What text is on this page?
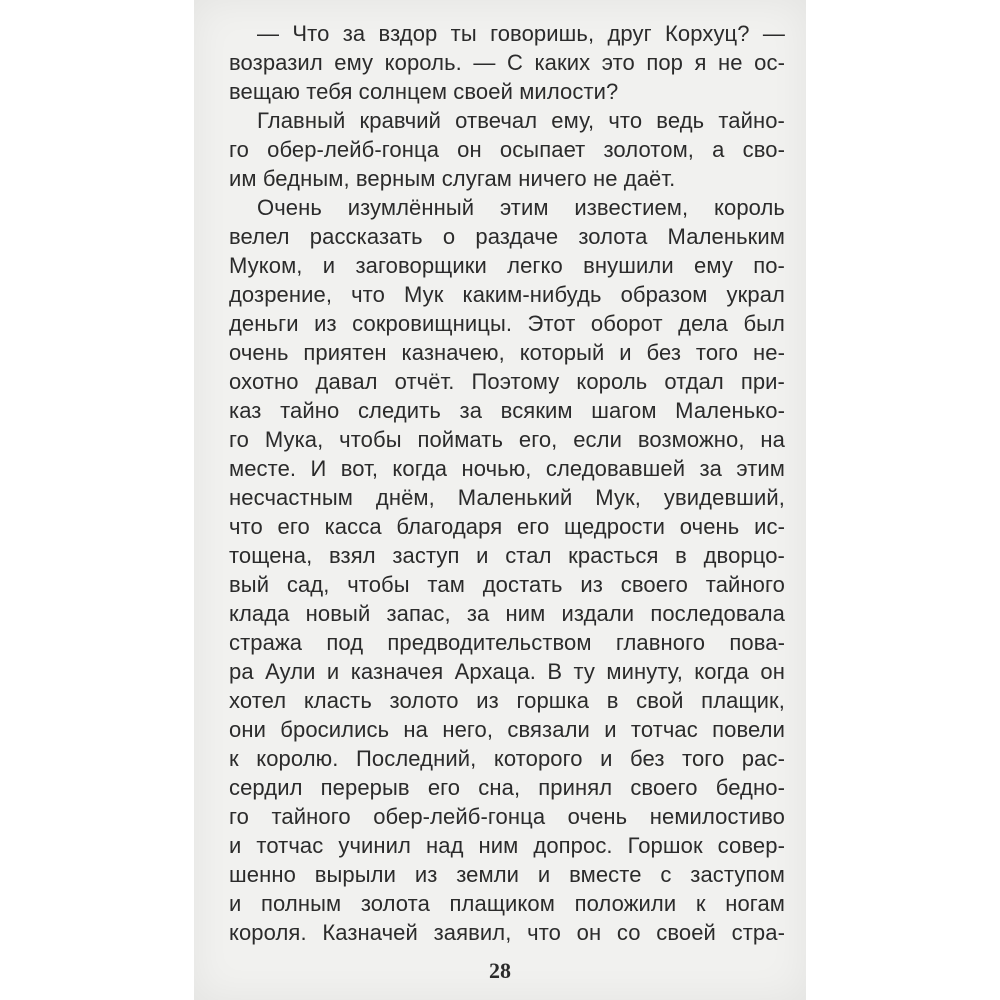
— Что за вздор ты говоришь, друг Корхуц? —
возразил ему король. — С каких это пор я не ос-
вещаю тебя солнцем своей милости?
Главный кравчий отвечал ему, что ведь тайно-
го обер-лейб-гонца он осыпает золотом, а сво-
им бедным, верным слугам ничего не даёт.
Очень изумлённый этим известием, король
велел рассказать о раздаче золота Маленьким
Муком, и заговорщики легко внушили ему по-
дозрение, что Мук каким-нибудь образом украл
деньги из сокровищницы. Этот оборот дела был
очень приятен казначею, который и без того не-
охотно давал отчёт. Поэтому король отдал при-
каз тайно следить за всяким шагом Маленько-
го Мука, чтобы поймать его, если возможно, на
месте. И вот, когда ночью, следовавшей за этим
несчастным днём, Маленький Мук, увидевший,
что его касса благодаря его щедрости очень ис-
тощена, взял заступ и стал красться в дворцо-
вый сад, чтобы там достать из своего тайного
клада новый запас, за ним издали последовала
стража под предводительством главного пова-
ра Аули и казначея Архаца. В ту минуту, когда он
хотел класть золото из горшка в свой плащик,
они бросились на него, связали и тотчас повели
к королю. Последний, которого и без того рас-
сердил перерыв его сна, принял своего бедно-
го тайного обер-лейб-гонца очень немилостиво
и тотчас учинил над ним допрос. Горшок совер-
шенно вырыли из земли и вместе с заступом
и полным золота плащиком положили к ногам
короля. Казначей заявил, что он со своей стра-
28
